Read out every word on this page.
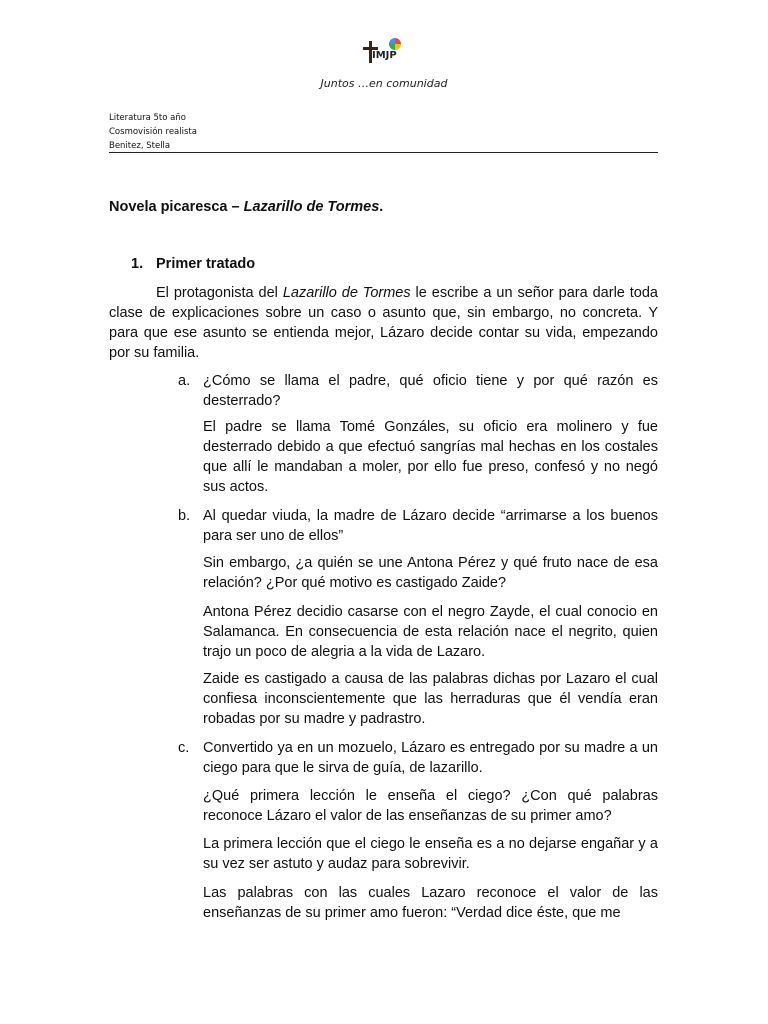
IMJP
Juntos …en comunidad
Literatura 5to año
Cosmovisión realista
Benitez, Stella
Novela picaresca – Lazarillo de Tormes.
1. Primer tratado
El protagonista del Lazarillo de Tormes le escribe a un señor para darle toda clase de explicaciones sobre un caso o asunto que, sin embargo, no concreta. Y para que ese asunto se entienda mejor, Lázaro decide contar su vida, empezando por su familia.
a. ¿Cómo se llama el padre, qué oficio tiene y por qué razón es desterrado?
El padre se llama Tomé Gonzáles, su oficio era molinero y fue desterrado debido a que efectuó sangrías mal hechas en los costales que allí le mandaban a moler, por ello fue preso, confesó y no negó sus actos.
b. Al quedar viuda, la madre de Lázaro decide “arrimarse a los buenos para ser uno de ellos”
Sin embargo, ¿a quién se une Antona Pérez y qué fruto nace de esa relación? ¿Por qué motivo es castigado Zaide?
Antona Pérez decidio casarse con el negro Zayde, el cual conocio en Salamanca. En consecuencia de esta relación nace el negrito, quien trajo un poco de alegria a la vida de Lazaro.
Zaide es castigado a causa de las palabras dichas por Lazaro el cual confiesa inconscientemente que las herraduras que él vendía eran robadas por su madre y padrastro.
c. Convertido ya en un mozuelo, Lázaro es entregado por su madre a un ciego para que le sirva de guía, de lazarillo.
¿Qué primera lección le enseña el ciego? ¿Con qué palabras reconoce Lázaro el valor de las enseñanzas de su primer amo?
La primera lección que el ciego le enseña es a no dejarse engañar y a su vez ser astuto y audaz para sobrevivir.
Las palabras con las cuales Lazaro reconoce el valor de las enseñanzas de su primer amo fueron: “Verdad dice éste, que me
